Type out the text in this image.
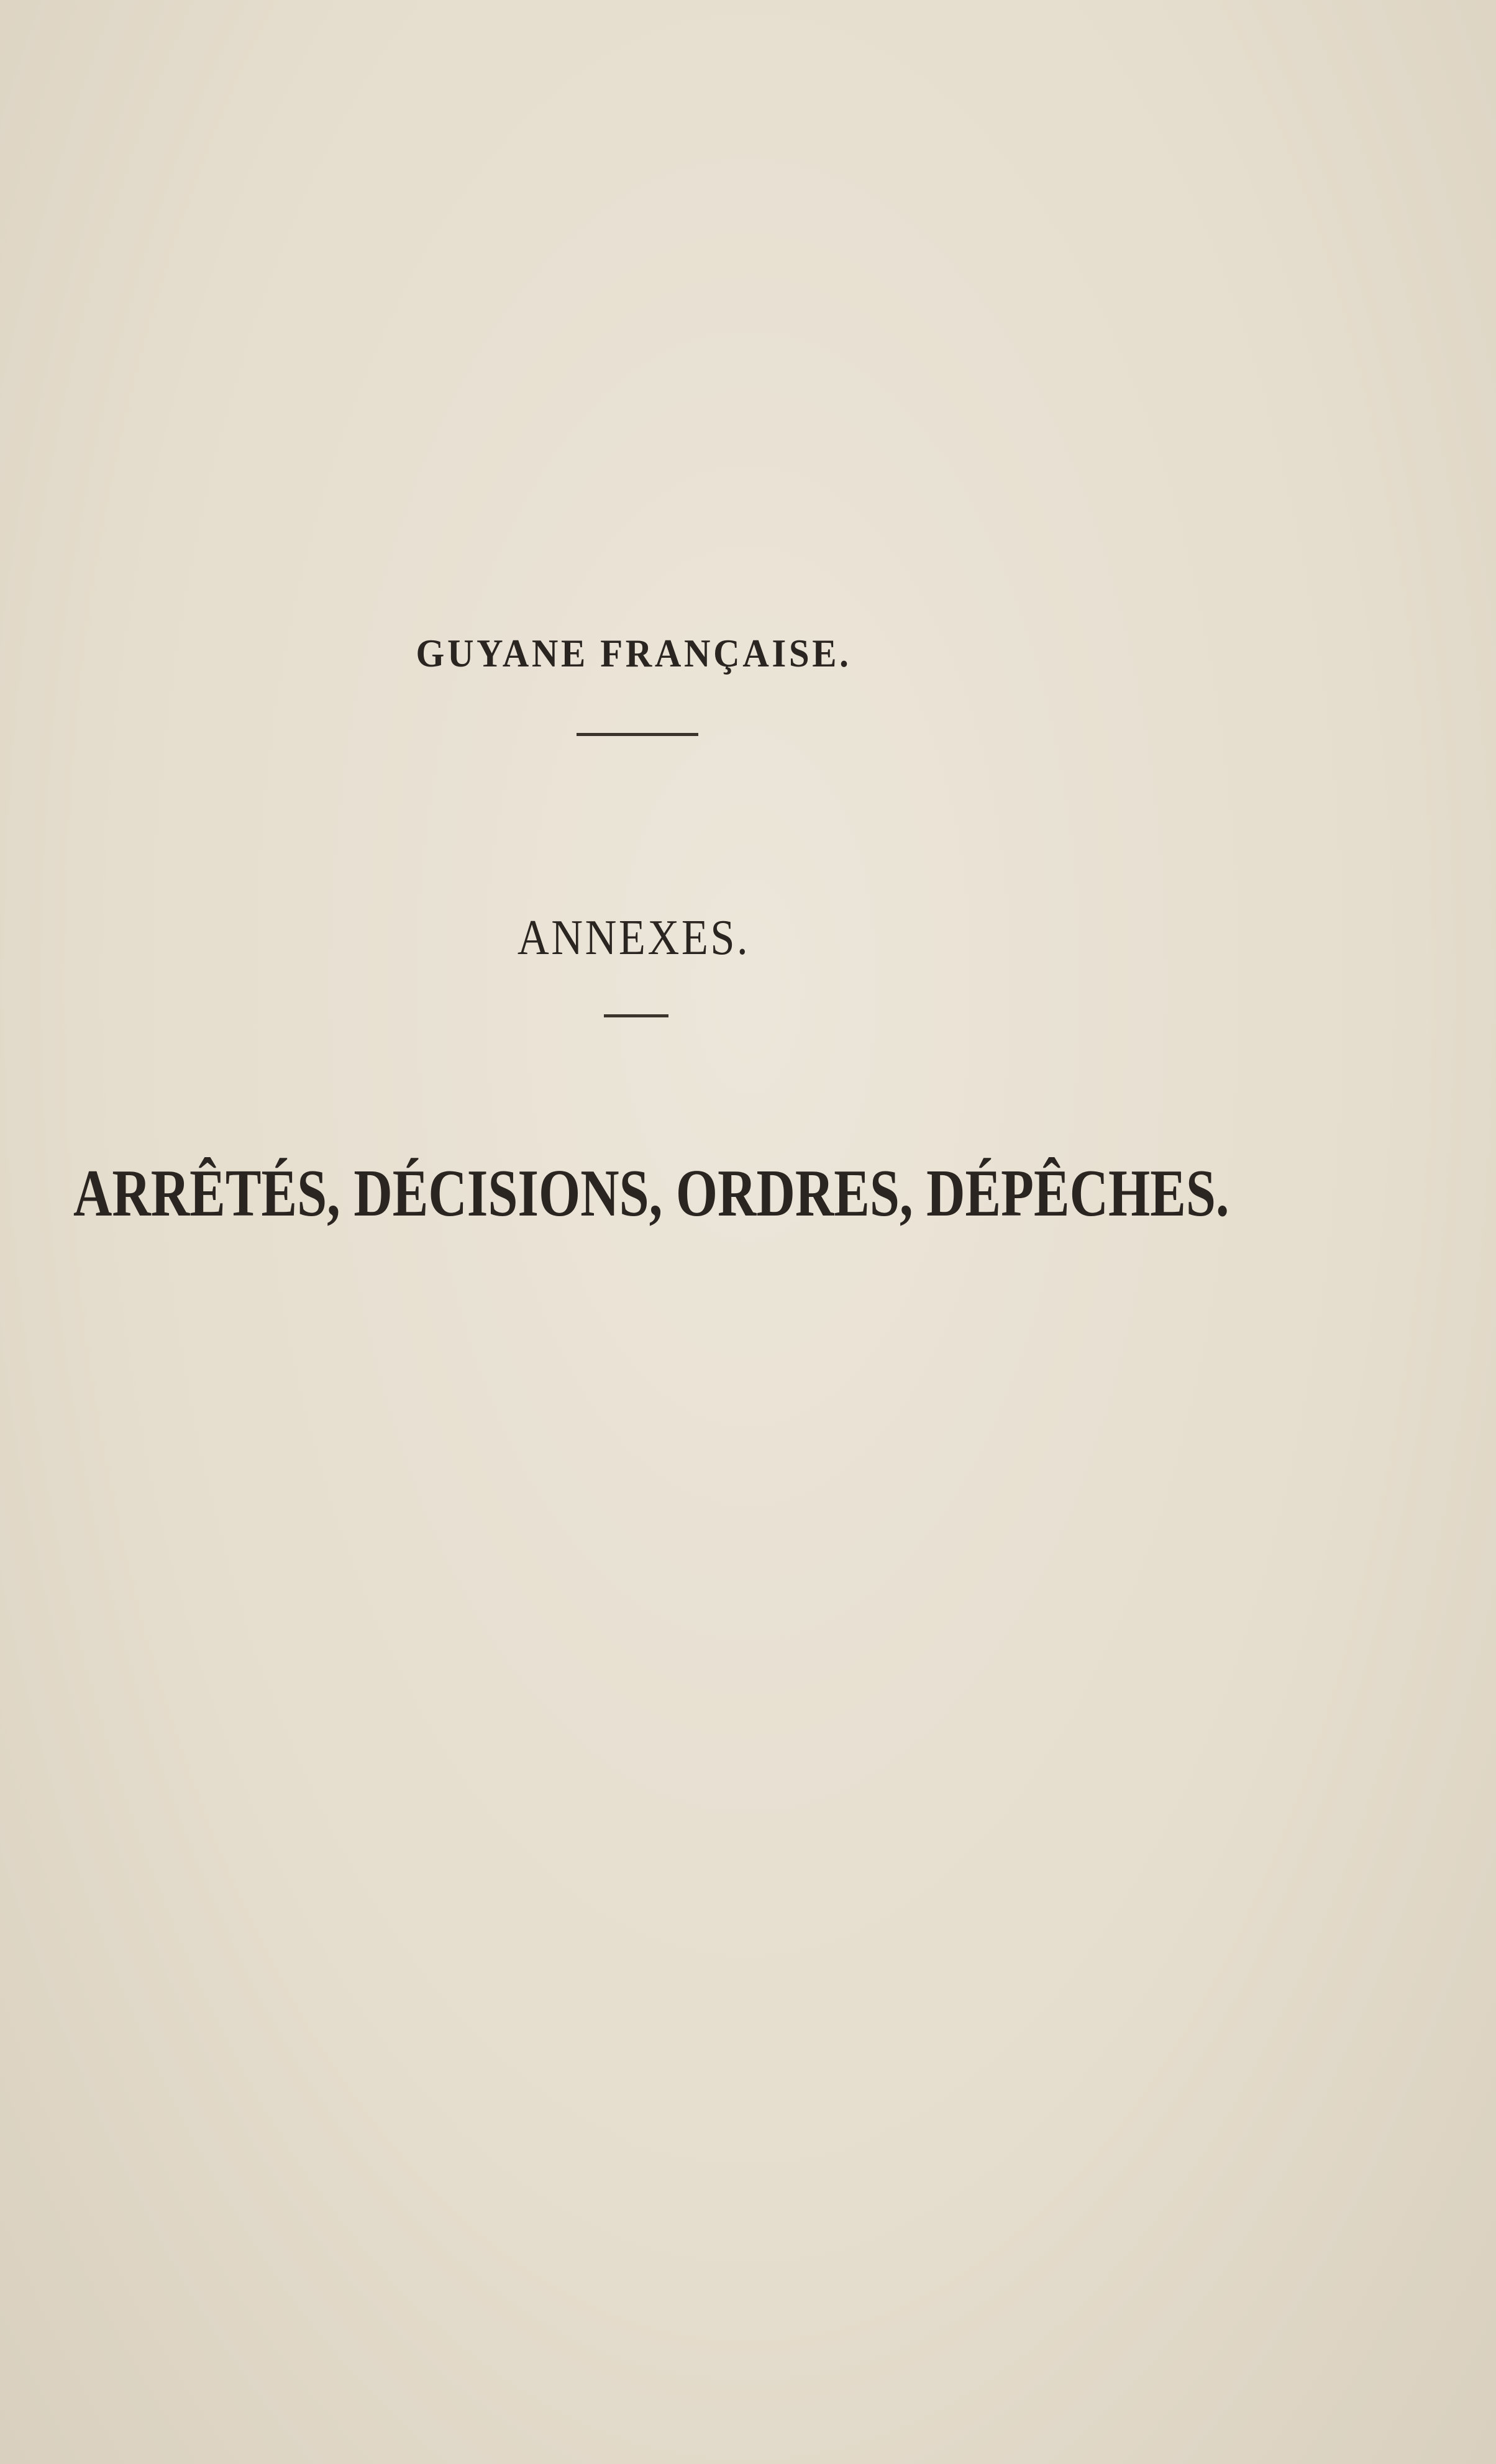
GUYANE FRANÇAISE.
ANNEXES.
ARRÊTÉS, DÉCISIONS, ORDRES, DÉPÊCHES.
